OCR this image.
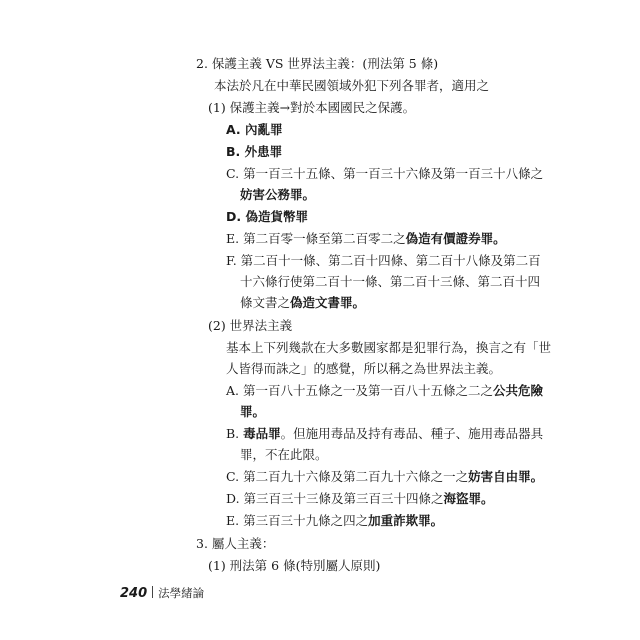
2. 保護主義 VS 世界法主義：(刑法第 5 條)
本法於凡在中華民國領域外犯下列各罪者，適用之
(1) 保護主義→對於本國國民之保護。
A. 內亂罪
B. 外患罪
C. 第一百三十五條、第一百三十六條及第一百三十八條之
妨害公務罪。
D. 偽造貨幣罪
E. 第二百零一條至第二百零二之偽造有價證券罪。
F. 第二百十一條、第二百十四條、第二百十八條及第二百
十六條行使第二百十一條、第二百十三條、第二百十四
條文書之偽造文書罪。
(2) 世界法主義
基本上下列幾款在大多數國家都是犯罪行為，換言之有「世
人皆得而誅之」的感覺，所以稱之為世界法主義。
A. 第一百八十五條之一及第一百八十五條之二之公共危險
罪。
B. 毒品罪。但施用毒品及持有毒品、種子、施用毒品器具
罪，不在此限。
C. 第二百九十六條及第二百九十六條之一之妨害自由罪。
D. 第三百三十三條及第三百三十四條之海盜罪。
E. 第三百三十九條之四之加重詐欺罪。
3. 屬人主義：
(1) 刑法第 6 條(特別屬人原則)
240 法學緒論
